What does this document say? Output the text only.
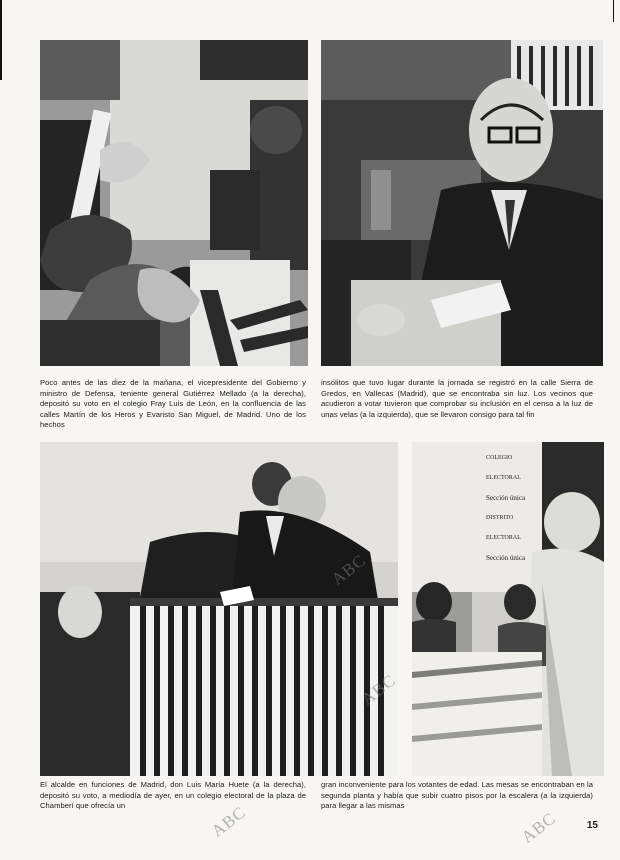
Poco antes de las diez de la mañana, el vicepresidente del Gobierno y ministro de Defensa, teniente general Gutiérrez Mellado (a la derecha), depositó su voto en el colegio Fray Luis de León, en la confluencia de las calles Martín de los Heros y Evaristo San Miguel, de Madrid. Uno de los hechos
insólitos que tuvo lugar durante la jornada se registró en la calle Sierra de Gredos, en Vallecas (Madrid), que se encontraba sin luz. Los vecinos que acudieron a votar tuvieron que comprobar su inclusión en el censo a la luz de unas velas (a la izquierda), que se llevaron consigo para tal fin
COLEGIO ELECTORAL
Sección única
DISTRITO ELECTORAL
Sección única
El alcalde en funciones de Madrid, don Luis María Huete (a la derecha), depositó su voto, a mediodía de ayer, en un colegio electoral de la plaza de Chamberí que ofrecía un
gran inconveniente para los votantes de edad. Las mesas se encontraban en la segunda planta y había que subir cuatro pisos por la escalera (a la izquierda) para llegar a las mismas
ABC
ABC	ABC
ABC
15
